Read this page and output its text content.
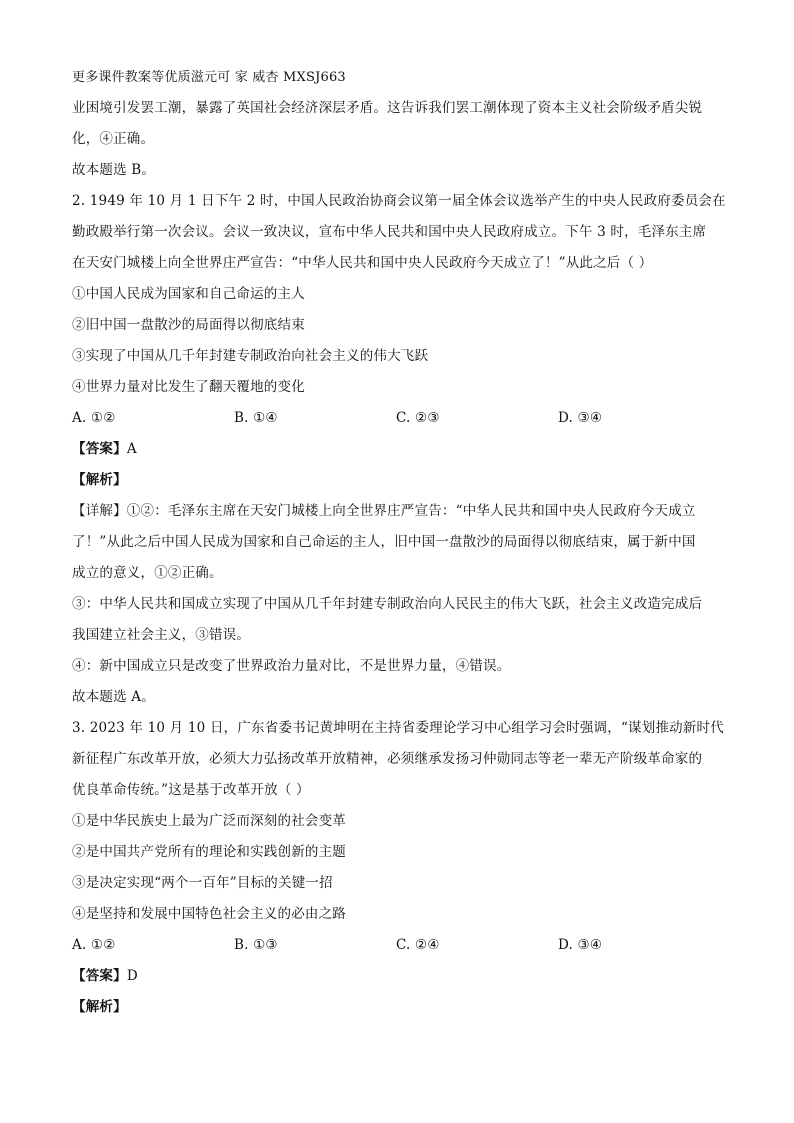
更多课件教案等优质滋元可 家 威杏 MXSJ663
业困境引发罢工潮，暴露了英国社会经济深层矛盾。这告诉我们罢工潮体现了资本主义社会阶级矛盾尖锐
化，④正确。
故本题选 B。
2. 1949 年 10 月 1 日下午 2 时，中国人民政治协商会议第一届全体会议选举产生的中央人民政府委员会在
勤政殿举行第一次会议。会议一致决议，宣布中华人民共和国中央人民政府成立。下午 3 时，毛泽东主席
在天安门城楼上向全世界庄严宣告：“中华人民共和国中央人民政府今天成立了！”从此之后（ ）
①中国人民成为国家和自己命运的主人
②旧中国一盘散沙的局面得以彻底结束
③实现了中国从几千年封建专制政治向社会主义的伟大飞跃
④世界力量对比发生了翻天覆地的变化
A. ①②	B. ①④	C. ②③	D. ③④
【答案】A
【解析】
【详解】①②：毛泽东主席在天安门城楼上向全世界庄严宣告：“中华人民共和国中央人民政府今天成立
了！”从此之后中国人民成为国家和自己命运的主人，旧中国一盘散沙的局面得以彻底结束，属于新中国
成立的意义，①②正确。
③：中华人民共和国成立实现了中国从几千年封建专制政治向人民民主的伟大飞跃，社会主义改造完成后
我国建立社会主义，③错误。
④：新中国成立只是改变了世界政治力量对比，不是世界力量，④错误。
故本题选 A。
3. 2023 年 10 月 10 日，广东省委书记黄坤明在主持省委理论学习中心组学习会时强调，“谋划推动新时代
新征程广东改革开放，必须大力弘扬改革开放精神，必须继承发扬习仲勋同志等老一辈无产阶级革命家的
优良革命传统。”这是基于改革开放（ ）
①是中华民族史上最为广泛而深刻的社会变革
②是中国共产党所有的理论和实践创新的主题
③是决定实现“两个一百年”目标的关键一招
④是坚持和发展中国特色社会主义的必由之路
A. ①②	B. ①③	C. ②④	D. ③④
【答案】D
【解析】
